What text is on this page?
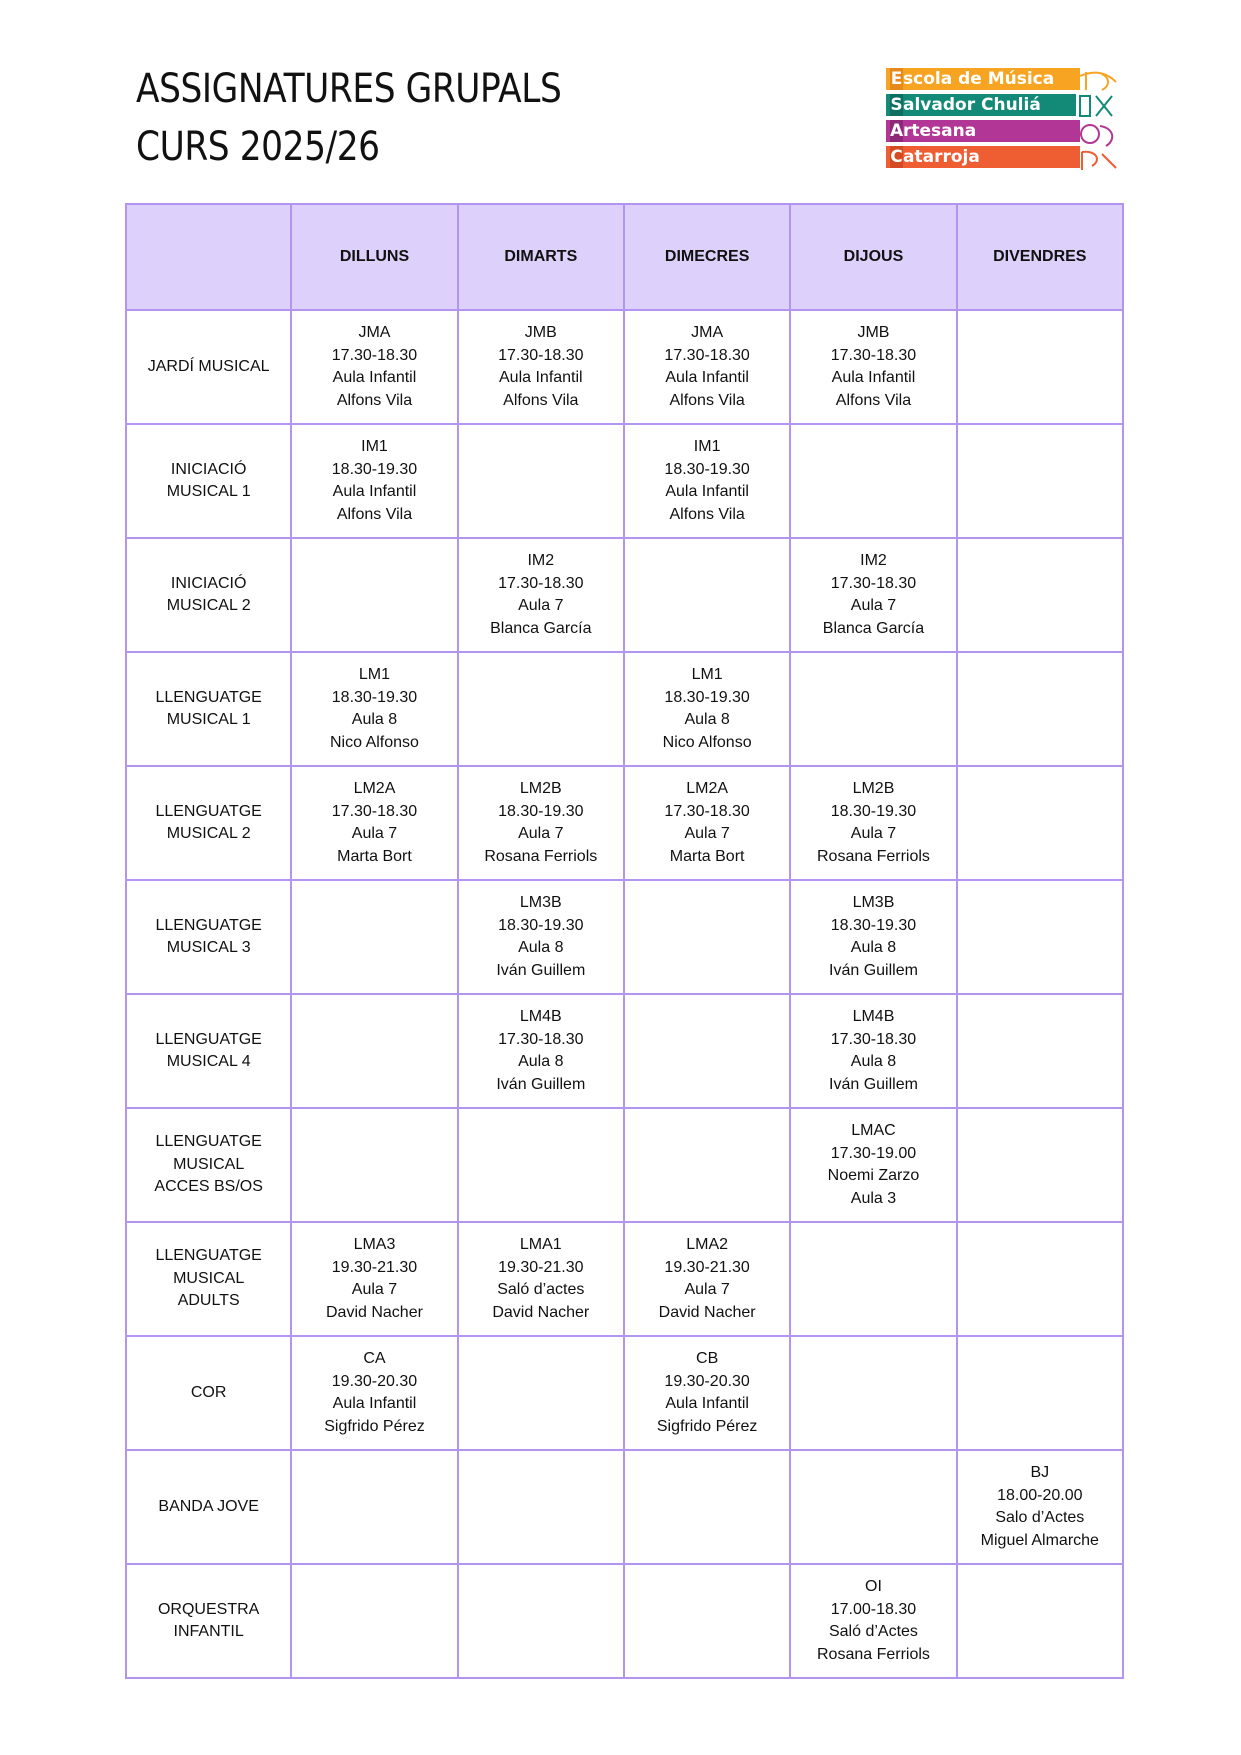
ASSIGNATURES GRUPALS
CURS 2025/26
Escola de Música
Salvador Chuliá
Artesana
Catarroja
	DILLUNS	DIMARTS	DIMECRES	DIJOUS	DIVENDRES

JARDÍ MUSICAL	JMA
17.30-18.30
Aula Infantil
Alfons Vila	JMB
17.30-18.30
Aula Infantil
Alfons Vila	JMA
17.30-18.30
Aula Infantil
Alfons Vila	JMB
17.30-18.30
Aula Infantil
Alfons Vila	

INICIACIÓ
MUSICAL 1	IM1
18.30-19.30
Aula Infantil
Alfons Vila		IM1
18.30-19.30
Aula Infantil
Alfons Vila		

INICIACIÓ
MUSICAL 2		IM2
17.30-18.30
Aula 7
Blanca García		IM2
17.30-18.30
Aula 7
Blanca García	

LLENGUATGE
MUSICAL 1	LM1
18.30-19.30
Aula 8
Nico Alfonso		LM1
18.30-19.30
Aula 8
Nico Alfonso		

LLENGUATGE
MUSICAL 2	LM2A
17.30-18.30
Aula 7
Marta Bort	LM2B
18.30-19.30
Aula 7
Rosana Ferriols	LM2A
17.30-18.30
Aula 7
Marta Bort	LM2B
18.30-19.30
Aula 7
Rosana Ferriols	

LLENGUATGE
MUSICAL 3		LM3B
18.30-19.30
Aula 8
Iván Guillem		LM3B
18.30-19.30
Aula 8
Iván Guillem	

LLENGUATGE
MUSICAL 4		LM4B
17.30-18.30
Aula 8
Iván Guillem		LM4B
17.30-18.30
Aula 8
Iván Guillem	

LLENGUATGE
MUSICAL
ACCES BS/OS				LMAC
17.30-19.00
Noemi Zarzo
Aula 3	

LLENGUATGE
MUSICAL
ADULTS	LMA3
19.30-21.30
Aula 7
David Nacher	LMA1
19.30-21.30
Saló d’actes
David Nacher	LMA2
19.30-21.30
Aula 7
David Nacher		

COR	CA
19.30-20.30
Aula Infantil
Sigfrido Pérez		CB
19.30-20.30
Aula Infantil
Sigfrido Pérez		

BANDA JOVE					BJ
18.00-20.00
Salo d’Actes
Miguel Almarche

ORQUESTRA
INFANTIL				OI
17.00-18.30
Saló d’Actes
Rosana Ferriols	
